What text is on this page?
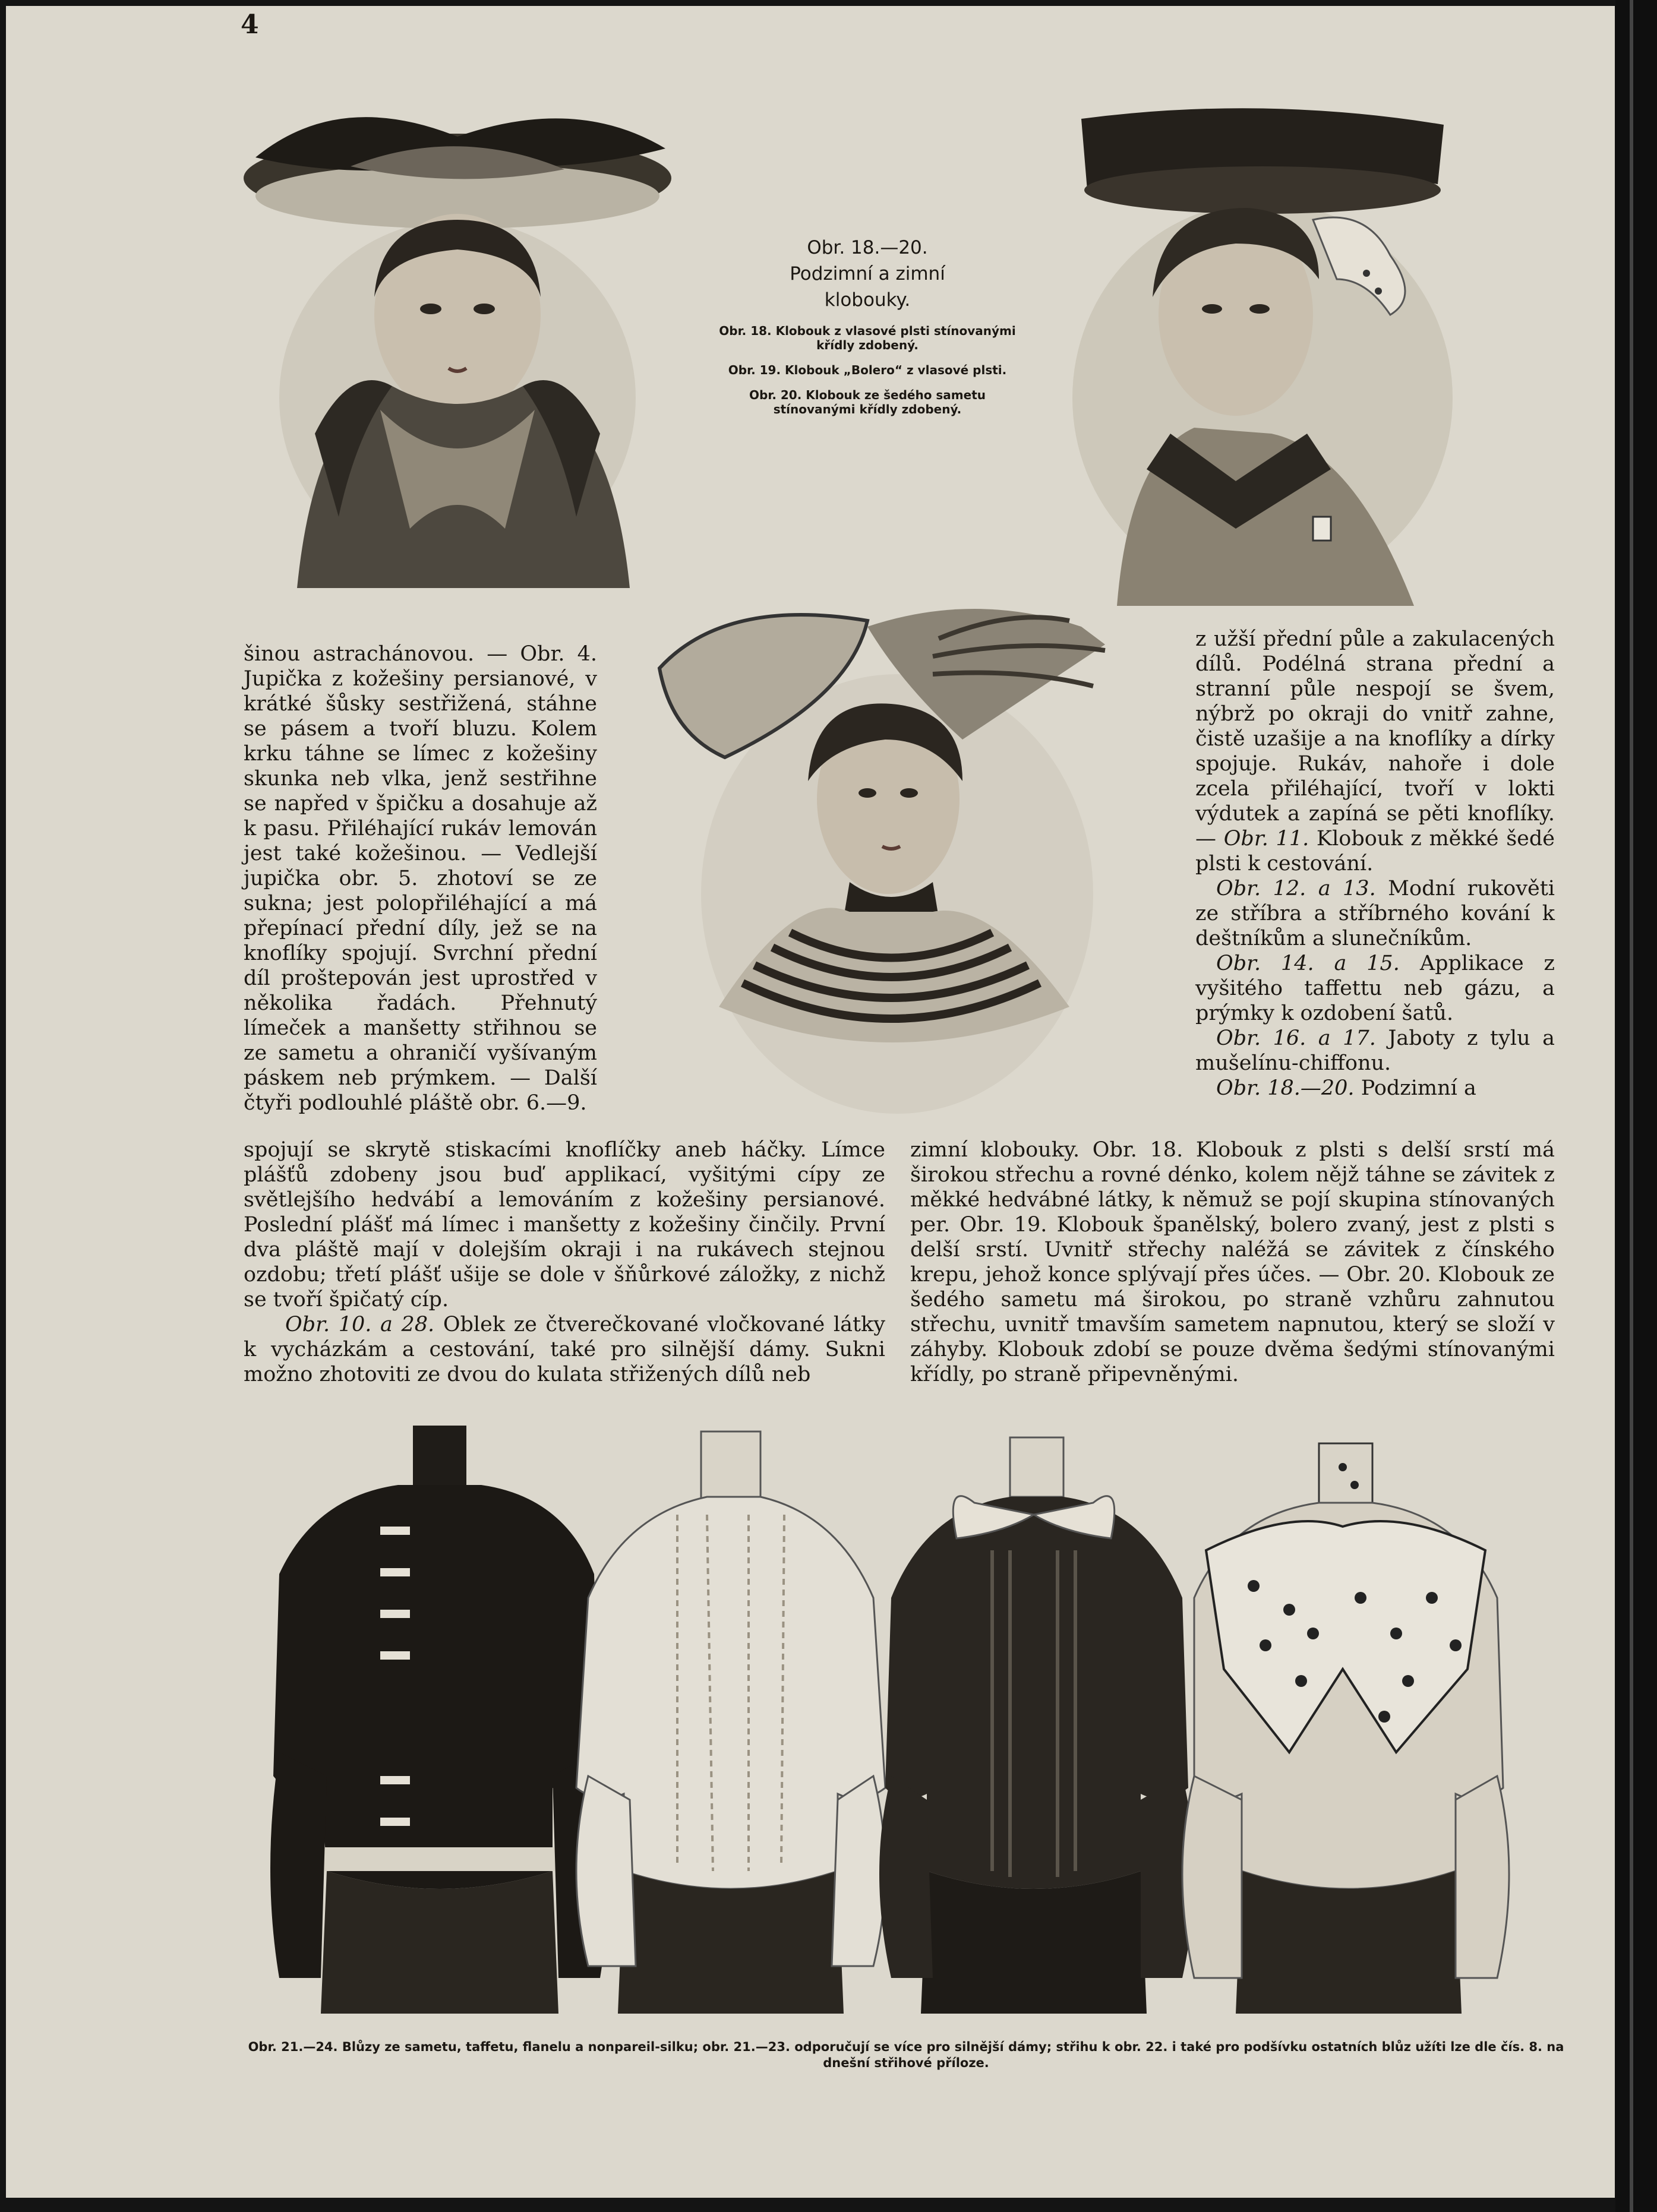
4
Obr. 18.—20.
Podzimní a zimní
klobouky.
Obr. 18. Klobouk z vlasové plsti stínovanými křídly zdobený.
Obr. 19. Klobouk „Bolero“ z vlasové plsti.
Obr. 20. Klobouk ze šedého sametu stínovanými křídly zdobený.

šinou astrachánovou. — Obr. 4. Jupička z kožešiny persianové, v krátké šůsky sestřižená, stáhne se pásem a tvoří bluzu. Kolem krku táhne se límec z kožešiny skunka neb vlka, jenž sestřihne se napřed v špičku a dosahuje až k pasu. Přiléhající rukáv lemován jest také kožešinou. — Vedlejší jupička obr. 5. zhotoví se ze sukna; jest polopřiléhající a má přepínací přední díly, jež se na knoflíky spojují. Svrchní přední díl proštepován jest uprostřed v několika řadách. Přehnutý límeček a manšetty střihnou se ze sametu a ohraničí vyšívaným páskem neb prýmkem. — Další čtyři podlouhlé pláště obr. 6.—9.

z užší přední půle a zakulacených dílů. Podélná strana přední a stranní půle nespojí se švem, nýbrž po okraji do vnitř zahne, čistě uzašije a na knoflíky a dírky spojuje. Rukáv, nahoře i dole zcela přiléhající, tvoří v lokti výdutek a zapíná se pěti knoflíky. — Obr. 11. Klobouk z měkké šedé plsti k cestování.

 Obr. 12. a 13. Modní rukověti ze stříbra a stříbrného kování k deštníkům a slunečníkům.

 Obr. 14. a 15. Applikace z vyšitého taffettu neb gázu, a prýmky k ozdobení šatů.

 Obr. 16. a 17. Jaboty z tylu a mušelínu-chiffonu.

 Obr. 18.—20. Podzimní a

spojují se skrytě stiskacími knoflíčky aneb háčky. Límce plášťů zdobeny jsou buď applikací, vyšitými cípy ze světlejšího hedvábí a lemováním z kožešiny persianové. Poslední plášť má límec i manšetty z kožešiny činčily. První dva pláště mají v dolejším okraji i na rukávech stejnou ozdobu; třetí plášť ušije se dole v šňůrkové záložky, z nichž se tvoří špičatý cíp.

  Obr. 10. a 28. Oblek ze čtverečkované vločkované látky k vycházkám a cestování, také pro silnější dámy. Sukni možno zhotoviti ze dvou do kulata střižených dílů neb

zimní klobouky. Obr. 18. Klobouk z plsti s delší srstí má širokou střechu a rovné dénko, kolem nějž táhne se závitek z měkké hedvábné látky, k němuž se pojí skupina stínovaných per. Obr. 19. Klobouk španělský, bolero zvaný, jest z plsti s delší srstí. Uvnitř střechy naléžá se závitek z čínského krepu, jehož konce splývají přes účes. — Obr. 20. Klobouk ze šedého sametu má širokou, po straně vzhůru zahnutou střechu, uvnitř tmavším sametem napnutou, který se složí v záhyby. Klobouk zdobí se pouze dvěma šedými stínovanými křídly, po straně připevněnými.

Obr. 21.—24. Blůzy ze sametu, taffetu, flanelu a nonpareil-silku; obr. 21.—23. odporučují se více pro silnější dámy; střihu k obr. 22. i také pro podšívku ostatních blůz užíti lze dle čís. 8. na dnešní střihové příloze.
